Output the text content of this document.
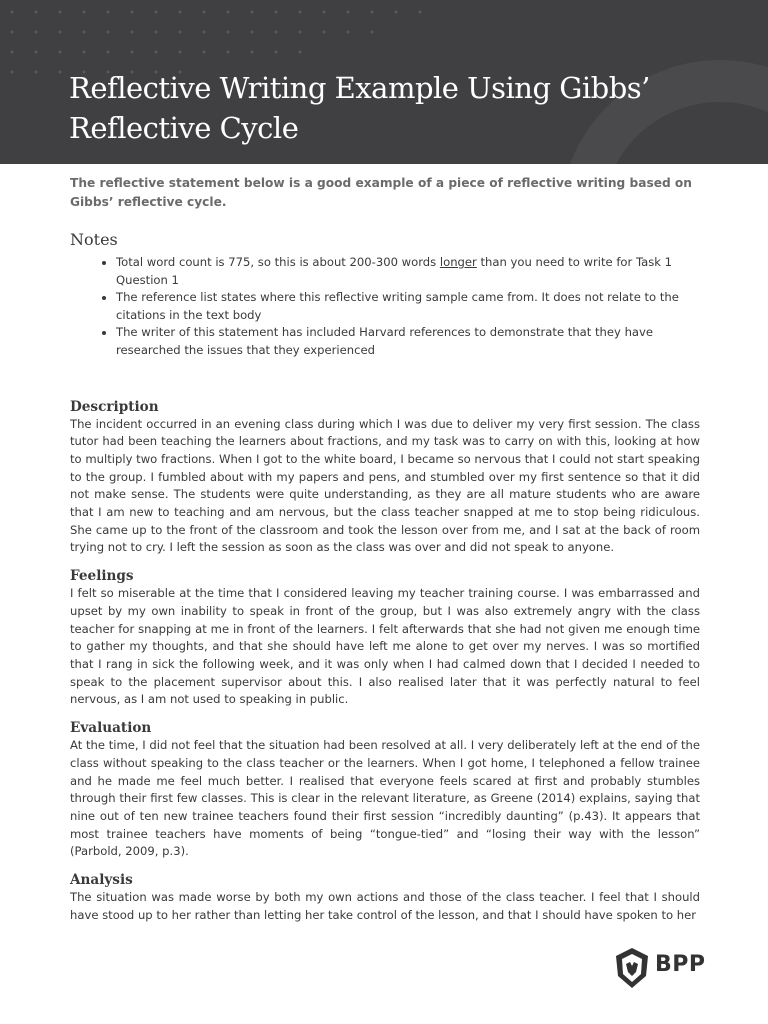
Reflective Writing Example Using Gibbs’
Reflective Cycle

The reflective statement below is a good example of a piece of reflective writing based on Gibbs’ reflective cycle.

Notes
• Total word count is 775, so this is about 200-300 words longer than you need to write for Task 1 Question 1
• The reference list states where this reflective writing sample came from. It does not relate to the citations in the text body
• The writer of this statement has included Harvard references to demonstrate that they have researched the issues that they experienced
Description

The incident occurred in an evening class during which I was due to deliver my very first session. The class tutor had been teaching the learners about fractions, and my task was to carry on with this, looking at how to multiply two fractions. When I got to the white board, I became so nervous that I could not start speaking to the group. I fumbled about with my papers and pens, and stumbled over my first sentence so that it did not make sense. The students were quite understanding, as they are all mature students who are aware that I am new to teaching and am nervous, but the class teacher snapped at me to stop being ridiculous. She came up to the front of the classroom and took the lesson over from me, and I sat at the back of room trying not to cry. I left the session as soon as the class was over and did not speak to anyone.

Feelings

I felt so miserable at the time that I considered leaving my teacher training course. I was embarrassed and upset by my own inability to speak in front of the group, but I was also extremely angry with the class teacher for snapping at me in front of the learners. I felt afterwards that she had not given me enough time to gather my thoughts, and that she should have left me alone to get over my nerves. I was so mortified that I rang in sick the following week, and it was only when I had calmed down that I decided I needed to speak to the placement supervisor about this. I also realised later that it was perfectly natural to feel nervous, as I am not used to speaking in public.

Evaluation

At the time, I did not feel that the situation had been resolved at all. I very deliberately left at the end of the class without speaking to the class teacher or the learners. When I got home, I telephoned a fellow trainee and he made me feel much better. I realised that everyone feels scared at first and probably stumbles through their first few classes. This is clear in the relevant literature, as Greene (2014) explains, saying that nine out of ten new trainee teachers found their first session “incredibly daunting” (p.43). It appears that most trainee teachers have moments of being “tongue-tied” and “losing their way with the lesson” (Parbold, 2009, p.3).

Analysis

The situation was made worse by both my own actions and those of the class teacher. I feel that I should have stood up to her rather than letting her take control of the lesson, and that I should have spoken to her

BPP
